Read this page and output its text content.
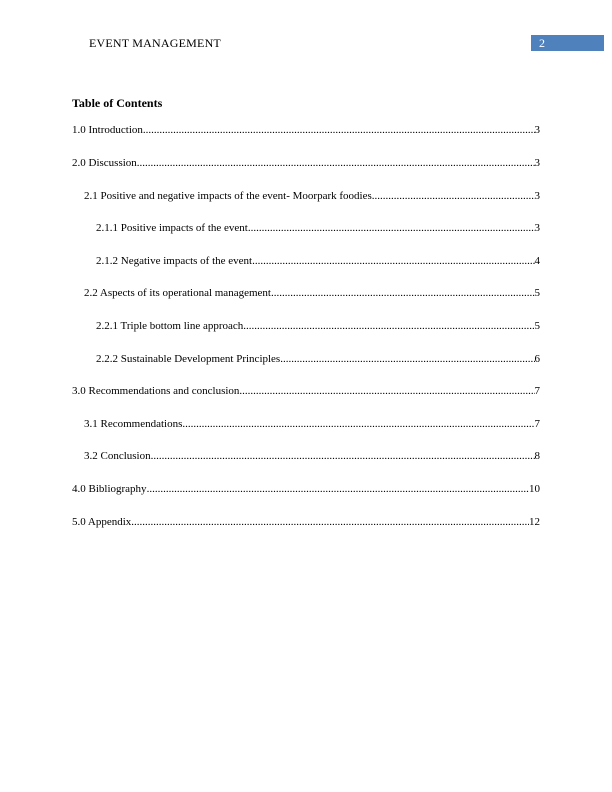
EVENT MANAGEMENT	2
Table of Contents
1.0 Introduction .....	3
2.0 Discussion .....	3
2.1 Positive and negative impacts of the event- Moorpark foodies .....	3
2.1.1 Positive impacts of the event .....	3
2.1.2 Negative impacts of the event .....	4
2.2 Aspects of its operational management .....	5
2.2.1 Triple bottom line approach .....	5
2.2.2 Sustainable Development Principles .....	6
3.0 Recommendations and conclusion .....	7
3.1 Recommendations .....	7
3.2 Conclusion .....	8
4.0 Bibliography .....	10
5.0 Appendix .....	12
